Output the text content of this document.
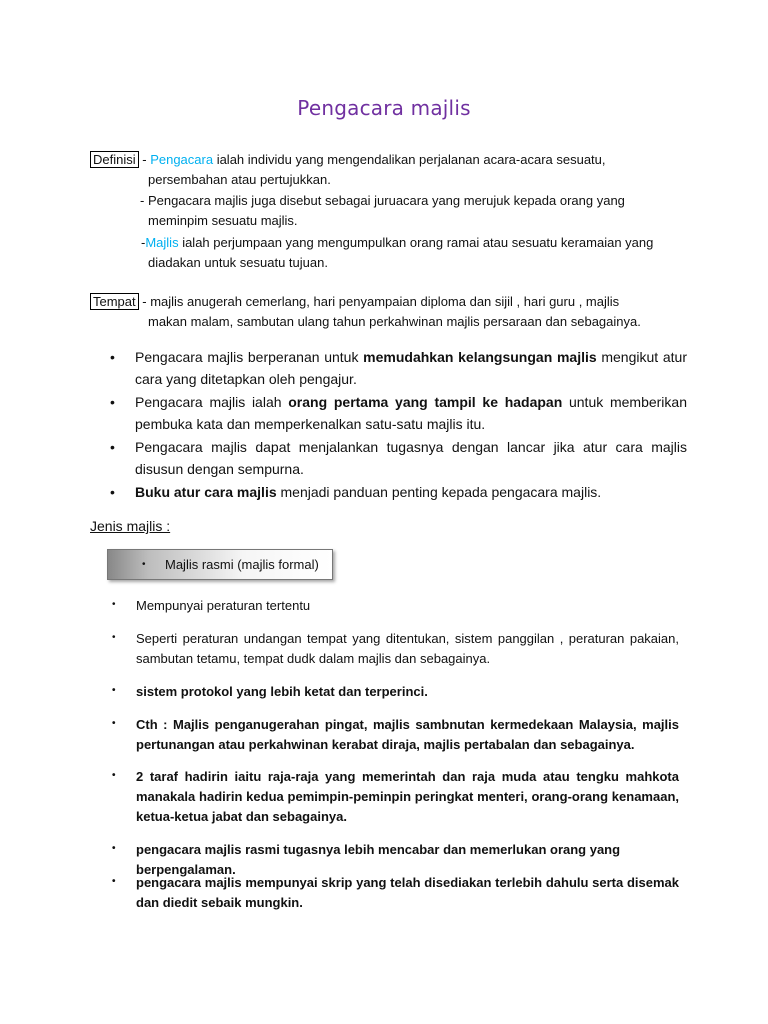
Pengacara majlis
Definisi - Pengacara ialah individu yang mengendalikan perjalanan acara-acara sesuatu,
persembahan atau pertujukkan.
- Pengacara majlis juga disebut sebagai juruacara yang merujuk kepada orang yang
meminpim sesuatu majlis.
-Majlis ialah perjumpaan yang mengumpulkan orang ramai atau sesuatu keramaian yang
diadakan untuk sesuatu tujuan.
Tempat - majlis anugerah cemerlang, hari penyampaian diploma dan sijil , hari guru , majlis
makan malam, sambutan ulang tahun perkahwinan majlis persaraan dan sebagainya.
• Pengacara majlis berperanan untuk memudahkan kelangsungan majlis mengikut atur cara yang ditetapkan oleh pengajur.
• Pengacara majlis ialah orang pertama yang tampil ke hadapan untuk memberikan pembuka kata dan memperkenalkan satu-satu majlis itu.
• Pengacara majlis dapat menjalankan tugasnya dengan lancar jika atur cara majlis disusun dengan sempurna.
• Buku atur cara majlis menjadi panduan penting kepada pengacara majlis.
Jenis majlis :
• Majlis rasmi (majlis formal)
• Mempunyai peraturan tertentu
• Seperti peraturan undangan tempat yang ditentukan, sistem panggilan , peraturan pakaian, sambutan tetamu, tempat dudk dalam majlis dan sebagainya.
• sistem protokol yang lebih ketat dan terperinci.
• Cth : Majlis penganugerahan pingat, majlis sambnutan kermedekaan Malaysia, majlis pertunangan atau perkahwinan kerabat diraja, majlis pertabalan dan sebagainya.
• 2 taraf hadirin iaitu raja-raja yang memerintah dan raja muda atau tengku mahkota manakala hadirin kedua pemimpin-peminpin peringkat menteri, orang-orang kenamaan, ketua-ketua jabat dan sebagainya.
• pengacara majlis rasmi tugasnya lebih mencabar dan memerlukan orang yang berpengalaman.
• pengacara majlis mempunyai skrip yang telah disediakan terlebih dahulu serta disemak dan diedit sebaik mungkin.
